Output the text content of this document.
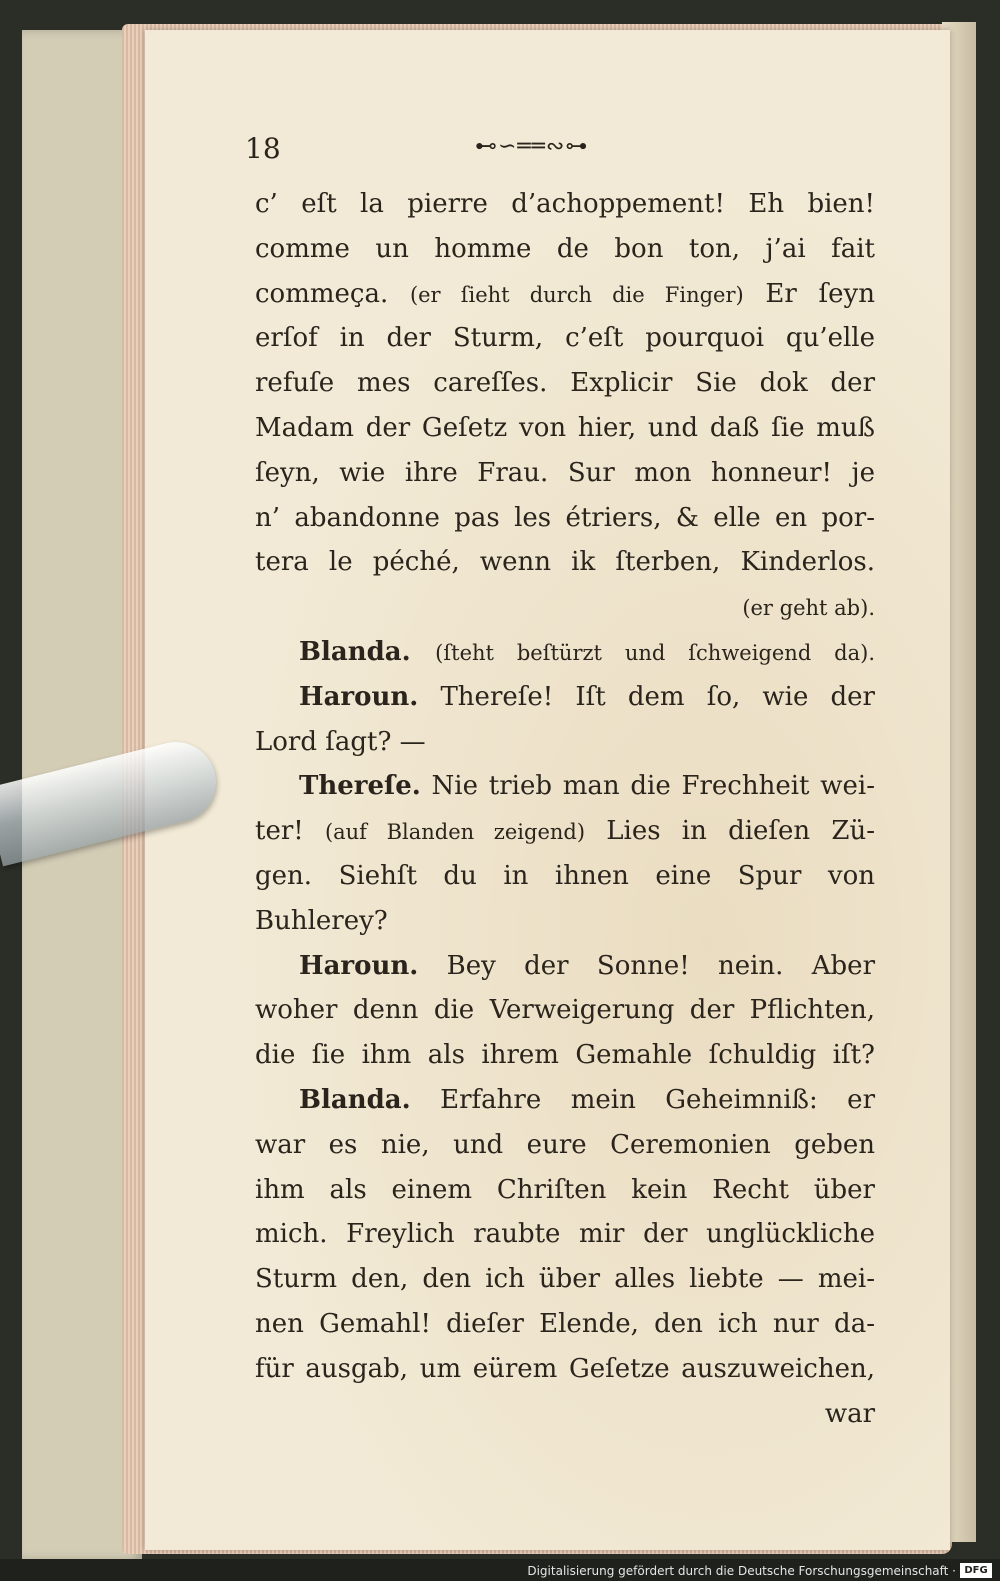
18	⊷∽══∾⊶
c’ eſt la pierre d’achoppement! Eh bien!
comme un homme de bon ton, j’ai fait
commeça. (er ſieht durch die Finger) Er ſeyn
erſof in der Sturm, c’eſt pourquoi qu’elle
refuſe mes careſſes. Explicir Sie dok der
Madam der Geſetz von hier, und daß ſie muß
ſeyn, wie ihre Frau. Sur mon honneur! je
n’ abandonne pas les étriers, & elle en por-
tera le péché, wenn ik ſterben, Kinderlos.
(er geht ab).
Blanda. (ſteht beſtürzt und ſchweigend da).
Haroun. Thereſe! Iſt dem ſo, wie der
Lord ſagt? —
Thereſe. Nie trieb man die Frechheit wei-
ter! (auf Blanden zeigend) Lies in dieſen Zü-
gen. Siehſt du in ihnen eine Spur von
Buhlerey?
Haroun. Bey der Sonne! nein. Aber
woher denn die Verweigerung der Pflichten,
die ſie ihm als ihrem Gemahle ſchuldig iſt?
Blanda. Erfahre mein Geheimniß: er
war es nie, und eure Ceremonien geben
ihm als einem Chriſten kein Recht über
mich. Freylich raubte mir der unglückliche
Sturm den, den ich über alles liebte — mei-
nen Gemahl! dieſer Elende, den ich nur da-
für ausgab, um eürem Geſetze auszuweichen,
war
Digitalisierung gefördert durch die Deutsche Forschungsgemeinschaft · DFG
